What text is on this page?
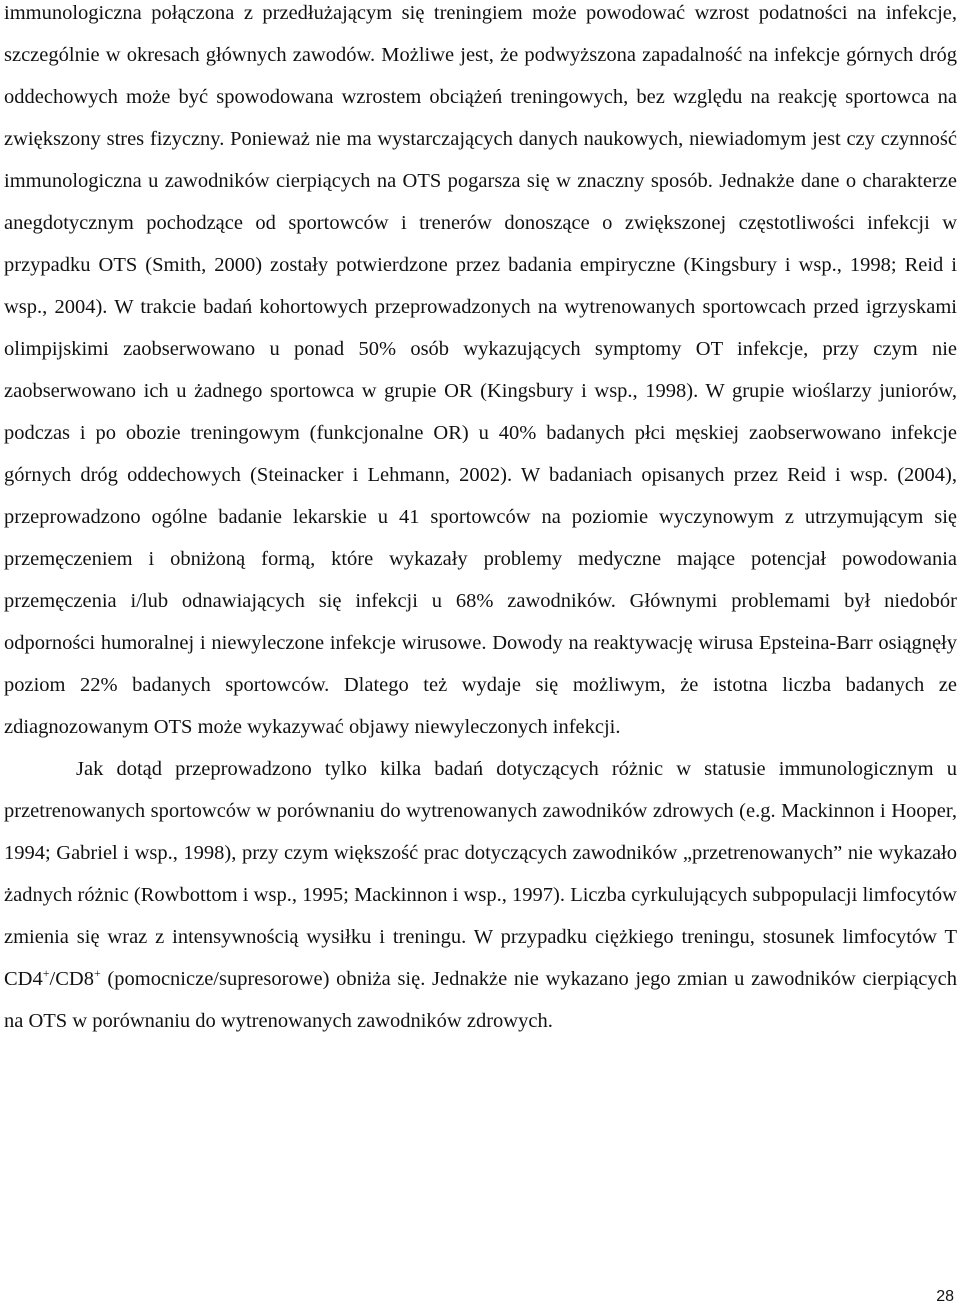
immunologiczna połączona z przedłużającym się treningiem może powodować wzrost podatności na infekcje, szczególnie w okresach głównych zawodów. Możliwe jest, że podwyższona zapadalność na infekcje górnych dróg oddechowych może być spowodowana wzrostem obciążeń treningowych, bez względu na reakcję sportowca na zwiększony stres fizyczny. Ponieważ nie ma wystarczających danych naukowych, niewiadomym jest czy czynność immunologiczna u zawodników cierpiących na OTS pogarsza się w znaczny sposób. Jednakże dane o charakterze anegdotycznym pochodzące od sportowców i trenerów donoszące o zwiększonej częstotliwości infekcji w przypadku OTS (Smith, 2000) zostały potwierdzone przez badania empiryczne (Kingsbury i wsp., 1998; Reid i wsp., 2004). W trakcie badań kohortowych przeprowadzonych na wytrenowanych sportowcach przed igrzyskami olimpijskimi zaobserwowano u ponad 50% osób wykazujących symptomy OT infekcje, przy czym nie zaobserwowano ich u żadnego sportowca w grupie OR (Kingsbury i wsp., 1998). W grupie wioślarzy juniorów, podczas i po obozie treningowym (funkcjonalne OR) u 40% badanych płci męskiej zaobserwowano infekcje górnych dróg oddechowych (Steinacker i Lehmann, 2002). W badaniach opisanych przez Reid i wsp. (2004), przeprowadzono ogólne badanie lekarskie u 41 sportowców na poziomie wyczynowym z utrzymującym się przemęczeniem i obniżoną formą, które wykazały problemy medyczne mające potencjał powodowania przemęczenia i/lub odnawiających się infekcji u 68% zawodników. Głównymi problemami był niedobór odporności humoralnej i niewyleczone infekcje wirusowe. Dowody na reaktywację wirusa Epsteina-Barr osiągnęły poziom 22% badanych sportowców. Dlatego też wydaje się możliwym, że istotna liczba badanych ze zdiagnozowanym OTS może wykazywać objawy niewyleczonych infekcji.

Jak dotąd przeprowadzono tylko kilka badań dotyczących różnic w statusie immunologicznym u przetrenowanych sportowców w porównaniu do wytrenowanych zawodników zdrowych (e.g. Mackinnon i Hooper, 1994; Gabriel i wsp., 1998), przy czym większość prac dotyczących zawodników „przetrenowanych” nie wykazało żadnych różnic (Rowbottom i wsp., 1995; Mackinnon i wsp., 1997). Liczba cyrkulujących subpopulacji limfocytów zmienia się wraz z intensywnością wysiłku i treningu. W przypadku ciężkiego treningu, stosunek limfocytów T CD4+/CD8+ (pomocnicze/supresorowe) obniża się. Jednakże nie wykazano jego zmian u zawodników cierpiących na OTS w porównaniu do wytrenowanych zawodników zdrowych.

28
